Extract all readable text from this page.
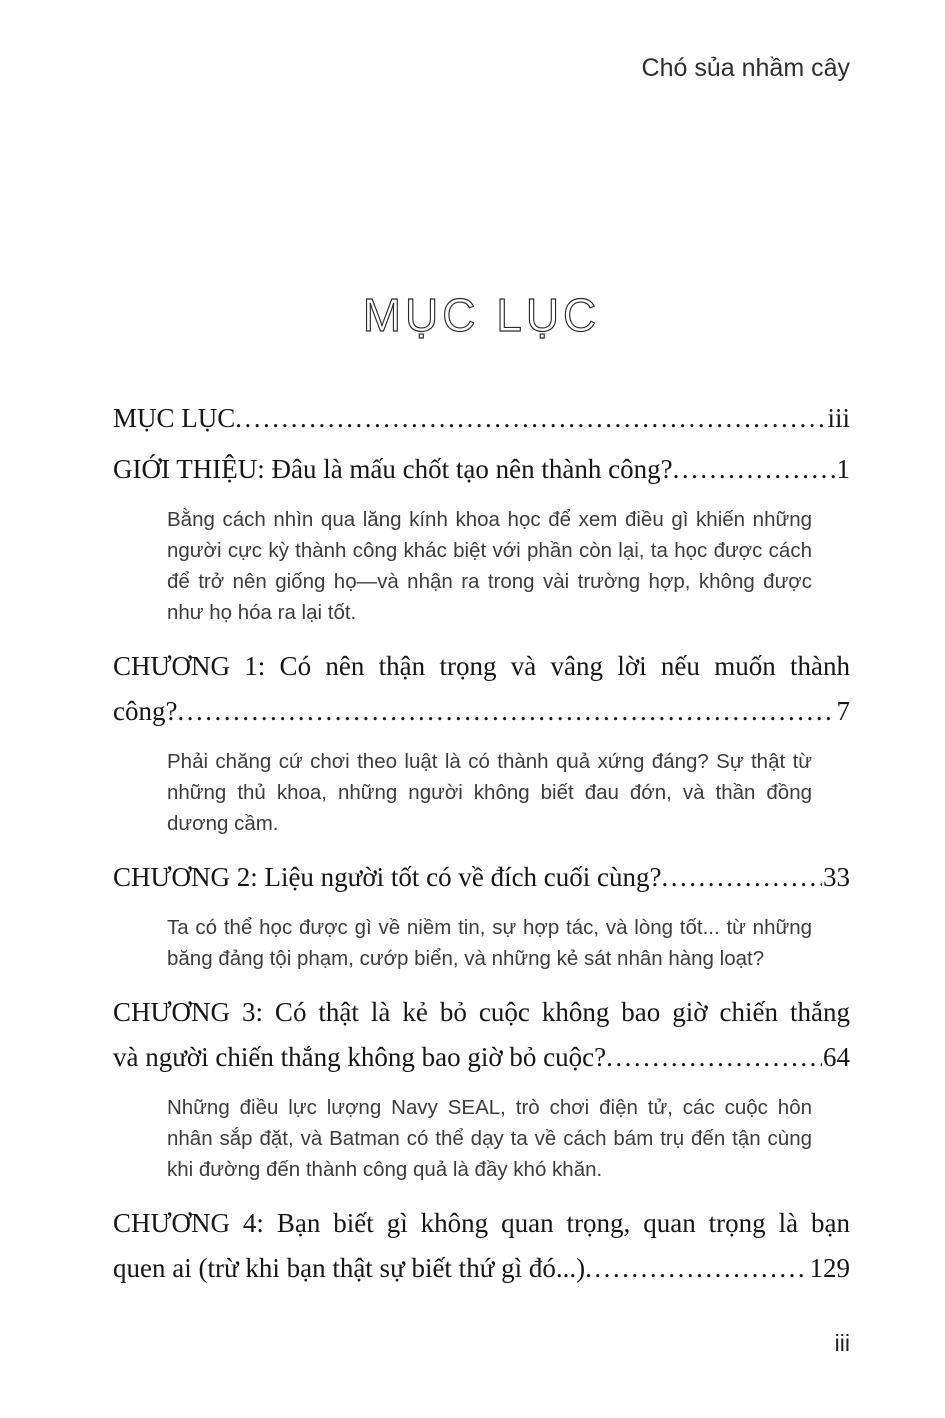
Chó sủa nhầm cây
MỤC LỤC
MỤC LỤC .....	iii
GIỚI THIỆU: Đâu là mấu chốt tạo nên thành công? .....	1
Bằng cách nhìn qua lăng kính khoa học để xem điều gì khiến những người cực kỳ thành công khác biệt với phần còn lại, ta học được cách để trở nên giống họ—và nhận ra trong vài trường hợp, không được như họ hóa ra lại tốt.
CHƯƠNG 1: Có nên thận trọng và vâng lời nếu muốn thành
công? .....	7
Phải chăng cứ chơi theo luật là có thành quả xứng đáng? Sự thật từ những thủ khoa, những người không biết đau đớn, và thần đồng dương cầm.
CHƯƠNG 2: Liệu người tốt có về đích cuối cùng? .....	33
Ta có thể học được gì về niềm tin, sự hợp tác, và lòng tốt... từ những băng đảng tội phạm, cướp biển, và những kẻ sát nhân hàng loạt?
CHƯƠNG 3: Có thật là kẻ bỏ cuộc không bao giờ chiến thắng
và người chiến thắng không bao giờ bỏ cuộc? .....	64
Những điều lực lượng Navy SEAL, trò chơi điện tử, các cuộc hôn nhân sắp đặt, và Batman có thể dạy ta về cách bám trụ đến tận cùng khi đường đến thành công quả là đầy khó khăn.
CHƯƠNG 4: Bạn biết gì không quan trọng, quan trọng là bạn
quen ai (trừ khi bạn thật sự biết thứ gì đó...) .....	129
iii
